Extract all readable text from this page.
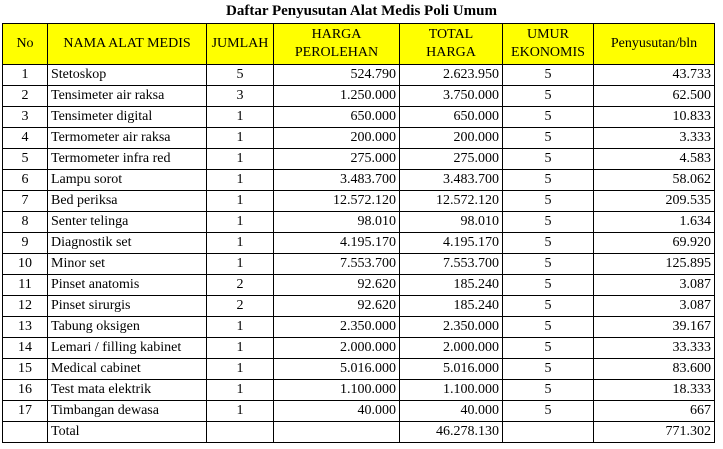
Daftar Penyusutan Alat Medis Poli Umum
No	NAMA ALAT MEDIS	JUMLAH	HARGA PEROLEHAN	TOTAL HARGA	UMUR EKONOMIS	Penyusutan/bln
1	Stetoskop	5	524.790	2.623.950	5	43.733
2	Tensimeter air raksa	3	1.250.000	3.750.000	5	62.500
3	Tensimeter digital	1	650.000	650.000	5	10.833
4	Termometer air raksa	1	200.000	200.000	5	3.333
5	Termometer infra red	1	275.000	275.000	5	4.583
6	Lampu sorot	1	3.483.700	3.483.700	5	58.062
7	Bed periksa	1	12.572.120	12.572.120	5	209.535
8	Senter telinga	1	98.010	98.010	5	1.634
9	Diagnostik set	1	4.195.170	4.195.170	5	69.920
10	Minor set	1	7.553.700	7.553.700	5	125.895
11	Pinset anatomis	2	92.620	185.240	5	3.087
12	Pinset sirurgis	2	92.620	185.240	5	3.087
13	Tabung oksigen	1	2.350.000	2.350.000	5	39.167
14	Lemari / filling kabinet	1	2.000.000	2.000.000	5	33.333
15	Medical cabinet	1	5.016.000	5.016.000	5	83.600
16	Test mata elektrik	1	1.100.000	1.100.000	5	18.333
17	Timbangan dewasa	1	40.000	40.000	5	667
	Total			46.278.130		771.302
